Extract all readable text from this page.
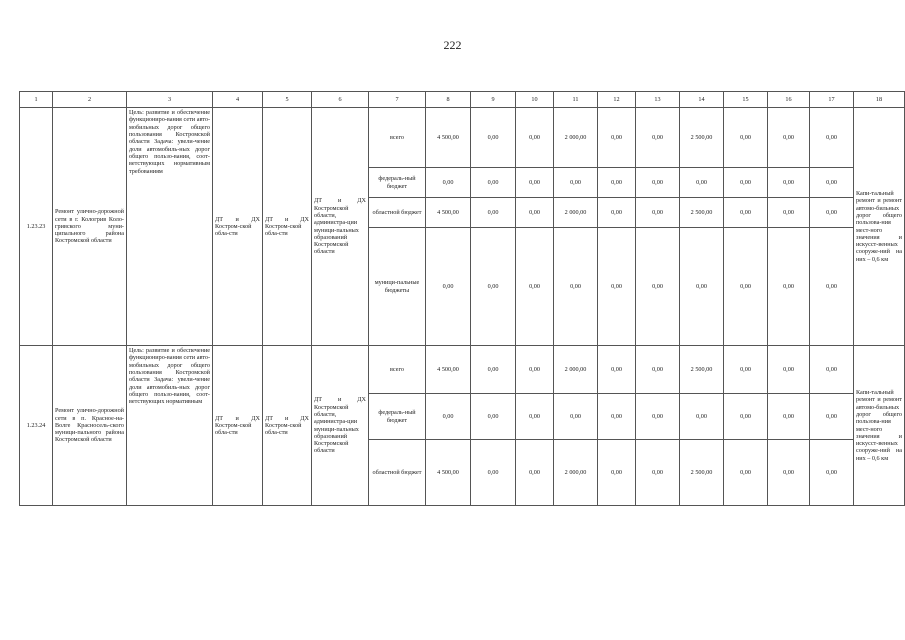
222
1	2	3	4	5	6	7	8	9	10	11	12	13	14	15	16	17	18
1.23.23	Ремонт улично-дорожной сети в г. Кологрив Коло-гривского муни-ципального района Костромской области	Цель: развитие и обеспечение функциониро-вания сети авто-мобильных дорог общего пользования Костромской области Задача: увели-чение доли автомобиль-ных дорог общего пользо-вания, соот-ветствующих нормативным требованиям	ДТ и ДХ Костром-ской обла-сти	ДТ и ДХ Костром-ской обла-сти	ДТ и ДХ Костромской области, администра-ции муници-пальных образований Костромской области	всего	4 500,00	0,00	0,00	2 000,00	0,00	0,00	2 500,00	0,00	0,00	0,00	Капи-тальный ремонт и ремонт автомо-бильных дорог общего пользова-ния мест-ного значения и искусст-венных сооруже-ний на них – 0,6 км
						федераль-ный бюджет	0,00	0,00	0,00	0,00	0,00	0,00	0,00	0,00	0,00	0,00	
						областной бюджет	4 500,00	0,00	0,00	2 000,00	0,00	0,00	2 500,00	0,00	0,00	0,00	
						муници-пальные бюджеты	0,00	0,00	0,00	0,00	0,00	0,00	0,00	0,00	0,00	0,00	
1.23.24	Ремонт улично-дорожной сети в п. Красное-на-Волге Красносель-ского муници-пального района Костромской области	Цель: развитие и обеспечение функциониро-вания сети авто-мобильных дорог общего пользования Костромской области Задача: увели-чение доли автомобиль-ных дорог общего пользо-вания, соот-ветствующих нормативным	ДТ и ДХ Костром-ской обла-сти	ДТ и ДХ Костром-ской обла-сти	ДТ и ДХ Костромской области, администра-ции муници-пальных образований Костромской области	всего	4 500,00	0,00	0,00	2 000,00	0,00	0,00	2 500,00	0,00	0,00	0,00	Капи-тальный ремонт и ремонт автомо-бильных дорог общего пользова-ния мест-ного значения и искусст-венных сооруже-ний на них – 0,6 км
						федераль-ный бюджет	0,00	0,00	0,00	0,00	0,00	0,00	0,00	0,00	0,00	0,00	
						областной бюджет	4 500,00	0,00	0,00	2 000,00	0,00	0,00	2 500,00	0,00	0,00	0,00	
